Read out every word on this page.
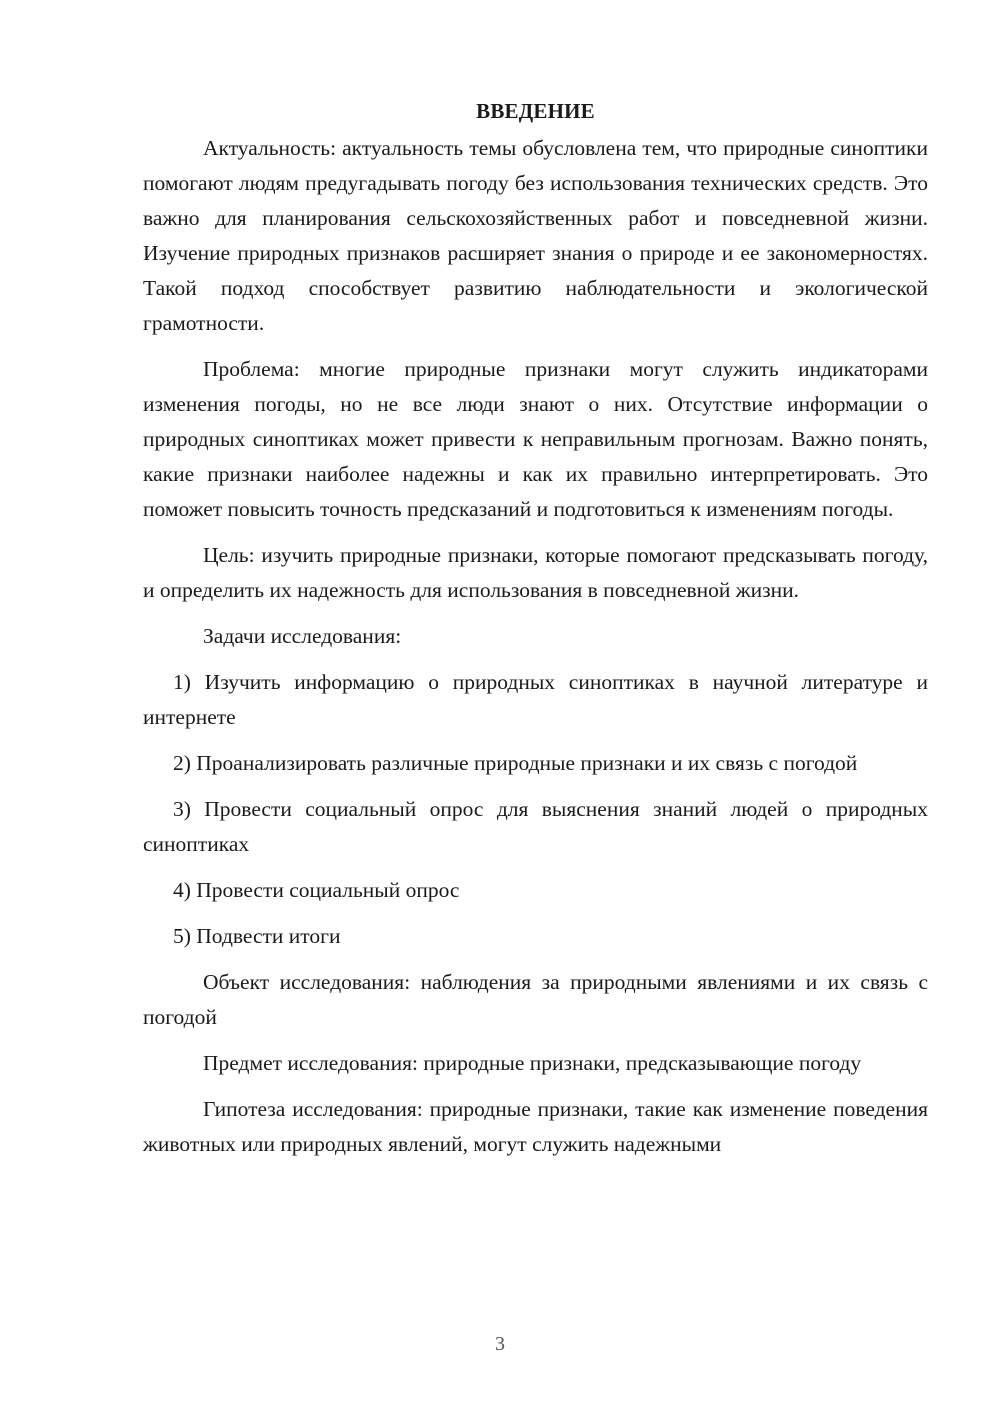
ВВЕДЕНИЕ

Актуальность: актуальность темы обусловлена тем, что природные синоптики помогают людям предугадывать погоду без использования технических средств. Это важно для планирования сельскохозяйственных работ и повседневной жизни. Изучение природных признаков расширяет знания о природе и ее закономерностях. Такой подход способствует развитию наблюдательности и экологической грамотности.

Проблема: многие природные признаки могут служить индикаторами изменения погоды, но не все люди знают о них. Отсутствие информации о природных синоптиках может привести к неправильным прогнозам. Важно понять, какие признаки наиболее надежны и как их правильно интерпретировать. Это поможет повысить точность предсказаний и подготовиться к изменениям погоды.

Цель: изучить природные признаки, которые помогают предсказывать погоду, и определить их надежность для использования в повседневной жизни.

Задачи исследования:

1) Изучить информацию о природных синоптиках в научной литературе и интернете

2) Проанализировать различные природные признаки и их связь с погодой

3) Провести социальный опрос для выяснения знаний людей о природных синоптиках

4) Провести социальный опрос

5) Подвести итоги

Объект исследования: наблюдения за природными явлениями и их связь с погодой

Предмет исследования: природные признаки, предсказывающие погоду

Гипотеза исследования: природные признаки, такие как изменение поведения животных или природных явлений, могут служить надежными

3
